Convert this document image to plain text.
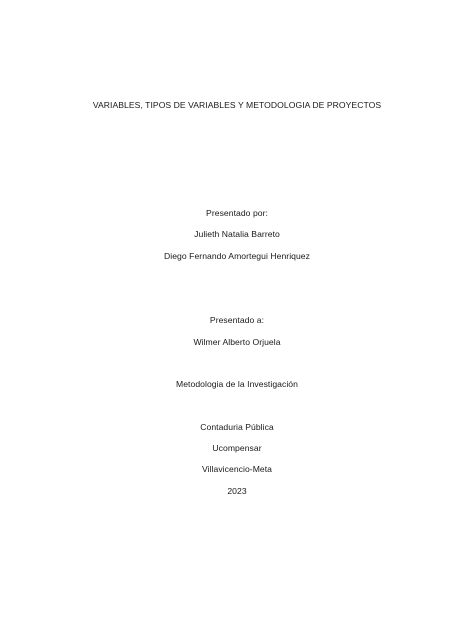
VARIABLES, TIPOS DE VARIABLES Y METODOLOGIA DE PROYECTOS
Presentado por:
Julieth Natalia Barreto
Diego Fernando Amortegui Henriquez
Presentado a:
Wilmer Alberto Orjuela
Metodologia de la Investigación
Contaduria Pública
Ucompensar
Villavicencio-Meta
2023
